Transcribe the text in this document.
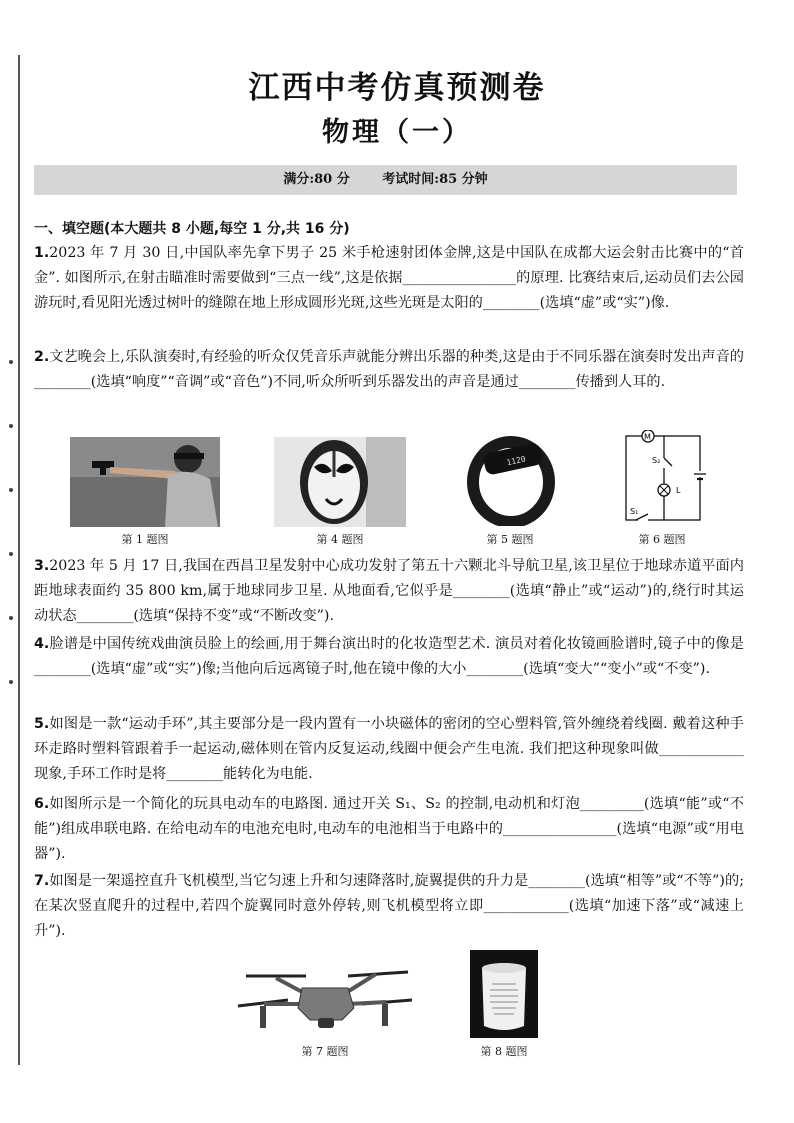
江西中考仿真预测卷
物理（一）
满分:80 分	考试时间:85 分钟
一、填空题(本大题共 8 小题,每空 1 分,共 16 分)
1.2023 年 7 月 30 日,中国队率先拿下男子 25 米手枪速射团体金牌,这是中国队在成都大运会射击比赛中的“首金”. 如图所示,在射击瞄准时需要做到“三点一线”,这是依据________________的原理. 比赛结束后,运动员们去公园游玩时,看见阳光透过树叶的缝隙在地上形成圆形光斑,这些光斑是太阳的________(选填“虚”或“实”)像.
2.文艺晚会上,乐队演奏时,有经验的听众仅凭音乐声就能分辨出乐器的种类,这是由于不同乐器在演奏时发出声音的________(选填“响度”“音调”或“音色”)不同,听众所听到乐器发出的声音是通过________传播到人耳的.
第 1 题图	第 4 题图
1120
第 5 题图
M
S₂
L
S₁
第 6 题图
3.2023 年 5 月 17 日,我国在西昌卫星发射中心成功发射了第五十六颗北斗导航卫星,该卫星位于地球赤道平面内距地球表面约 35 800 km,属于地球同步卫星. 从地面看,它似乎是________(选填“静止”或“运动”)的,绕行时其运动状态________(选填“保持不变”或“不断改变”).
4.脸谱是中国传统戏曲演员脸上的绘画,用于舞台演出时的化妆造型艺术. 演员对着化妆镜画脸谱时,镜子中的像是________(选填“虚”或“实”)像;当他向后远离镜子时,他在镜中像的大小________(选填“变大”“变小”或“不变”).
5.如图是一款“运动手环”,其主要部分是一段内置有一小块磁体的密闭的空心塑料管,管外缠绕着线圈. 戴着这种手环走路时塑料管跟着手一起运动,磁体则在管内反复运动,线圈中便会产生电流. 我们把这种现象叫做____________现象,手环工作时是将________能转化为电能.
6.如图所示是一个简化的玩具电动车的电路图. 通过开关 S₁、S₂ 的控制,电动机和灯泡_________(选填“能”或“不能”)组成串联电路. 在给电动车的电池充电时,电动车的电池相当于电路中的________________(选填“电源”或“用电器”).
7.如图是一架遥控直升飞机模型,当它匀速上升和匀速降落时,旋翼提供的升力是________(选填“相等”或“不等”)的;在某次竖直爬升的过程中,若四个旋翼同时意外停转,则飞机模型将立即____________(选填“加速下落”或“减速上升”).
第 7 题图	第 8 题图
